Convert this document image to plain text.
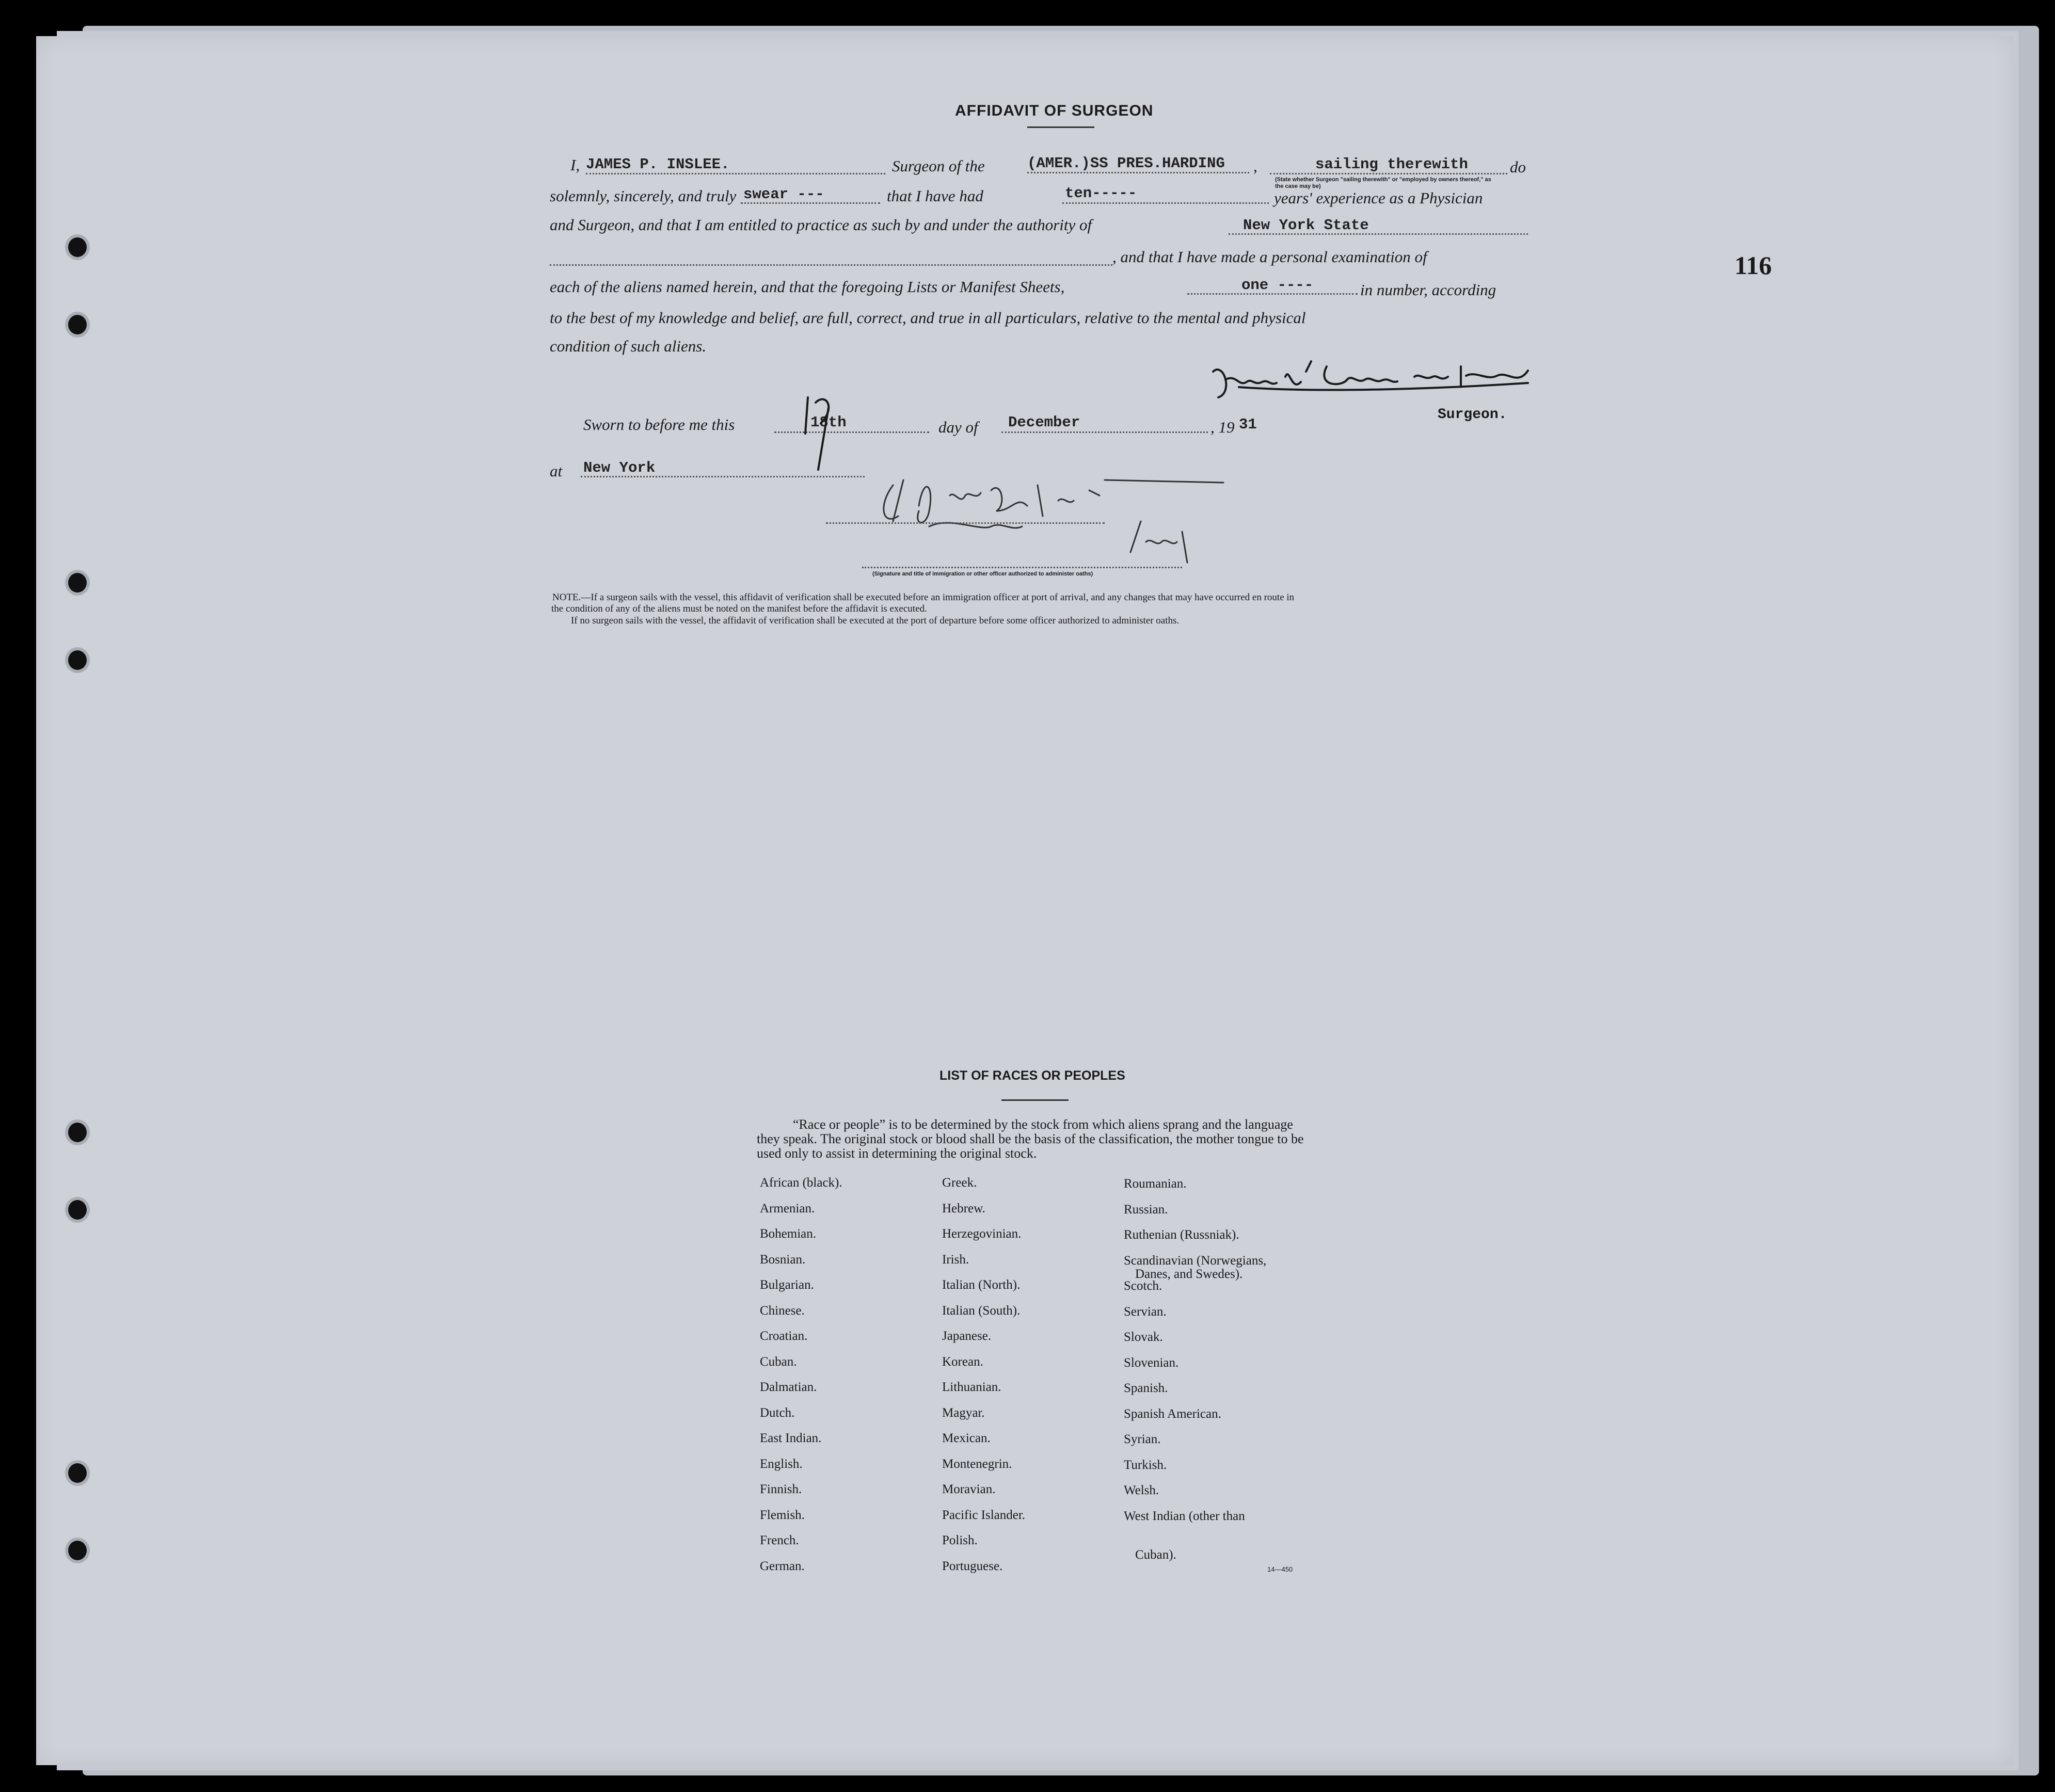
116
AFFIDAVIT OF SURGEON
I, JAMES P. INSLEE.	Surgeon of the	(AMER.)SS PRES.HARDING ,	sailing therewith	do
(State whether Surgeon "sailing therewith" or "employed by owners thereof," as the case may be)
solemnly, sincerely, and truly swear ---	that I have had	ten-----	years' experience as a Physician
and Surgeon, and that I am entitled to practice as such by and under the authority of	New York State
, and that I have made a personal examination of
each of the aliens named herein, and that the foregoing Lists or Manifest Sheets,	one ----	in number, according
to the best of my knowledge and belief, are full, correct, and true in all particulars, relative to the mental and physical
condition of such aliens.
Surgeon.
Sworn to before me this	18th	day of December	, 19 31
at New York
(Signature and title of immigration or other officer authorized to administer oaths)
NOTE.—If a surgeon sails with the vessel, this affidavit of verification shall be executed before an immigration officer at port of arrival, and any changes that may have occurred en route in
the condition of any of the aliens must be noted on the manifest before the affidavit is executed.
If no surgeon sails with the vessel, the affidavit of verification shall be executed at the port of departure before some officer authorized to administer oaths.
LIST OF RACES OR PEOPLES
“Race or people” is to be determined by the stock from which aliens sprang and the language they speak. The original stock or blood shall be the basis of the classification, the mother tongue to be used only to assist in determining the original stock.
African (black).
Armenian.
Bohemian.
Bosnian.
Bulgarian.
Chinese.
Croatian.
Cuban.
Dalmatian.
Dutch.
East Indian.
English.
Finnish.
Flemish.
French.
German.
Greek.
Hebrew.
Herzegovinian.
Irish.
Italian (North).
Italian (South).
Japanese.
Korean.
Lithuanian.
Magyar.
Mexican.
Montenegrin.
Moravian.
Pacific Islander.
Polish.
Portuguese.
Roumanian.
Russian.
Ruthenian (Russniak).
Scandinavian (Norwegians,
Danes, and Swedes).
Scotch.
Servian.
Slovak.
Slovenian.
Spanish.
Spanish American.
Syrian.
Turkish.
Welsh.
West Indian (other than
Cuban).
14—450
